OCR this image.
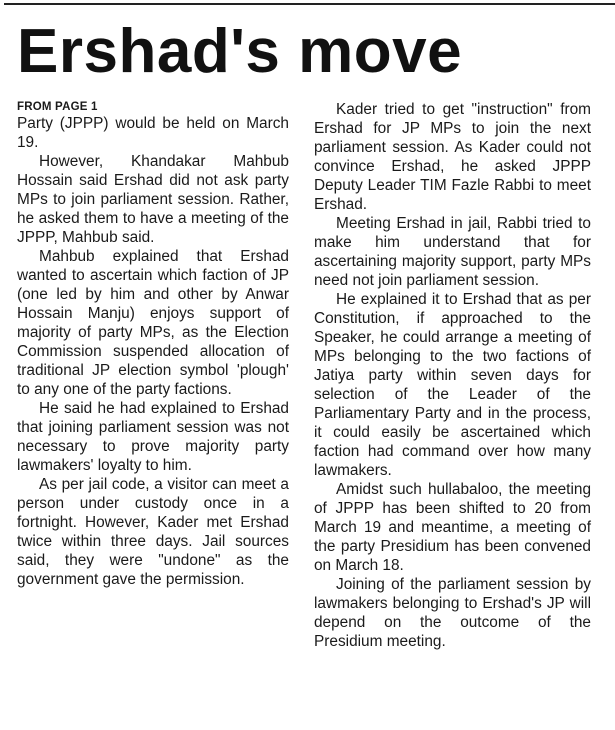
Ershad's move
FROM PAGE 1

Party (JPPP) would be held on March 19.

However, Khandakar Mahbub Hossain said Ershad did not ask party MPs to join parliament session. Rather, he asked them to have a meeting of the JPPP, Mahbub said.

Mahbub explained that Ershad wanted to ascertain which faction of JP (one led by him and other by Anwar Hossain Manju) enjoys support of majority of party MPs, as the Election Commission suspended allocation of traditional JP election symbol 'plough' to any one of the party factions.

He said he had explained to Ershad that joining parliament session was not necessary to prove majority party lawmakers' loyalty to him.

As per jail code, a visitor can meet a person under custody once in a fortnight. However, Kader met Ershad twice within three days. Jail sources said, they were "undone" as the government gave the permission.

Kader tried to get "instruction" from Ershad for JP MPs to join the next parliament session. As Kader could not convince Ershad, he asked JPPP Deputy Leader TIM Fazle Rabbi to meet Ershad.

Meeting Ershad in jail, Rabbi tried to make him understand that for ascertaining majority support, party MPs need not join parliament session.

He explained it to Ershad that as per Constitution, if approached to the Speaker, he could arrange a meeting of MPs belonging to the two factions of Jatiya party within seven days for selection of the Leader of the Parliamentary Party and in the process, it could easily be ascertained which faction had command over how many lawmakers.

Amidst such hullabaloo, the meeting of JPPP has been shifted to 20 from March 19 and meantime, a meeting of the party Presidium has been convened on March 18.

Joining of the parliament session by lawmakers belonging to Ershad's JP will depend on the outcome of the Presidium meeting.
